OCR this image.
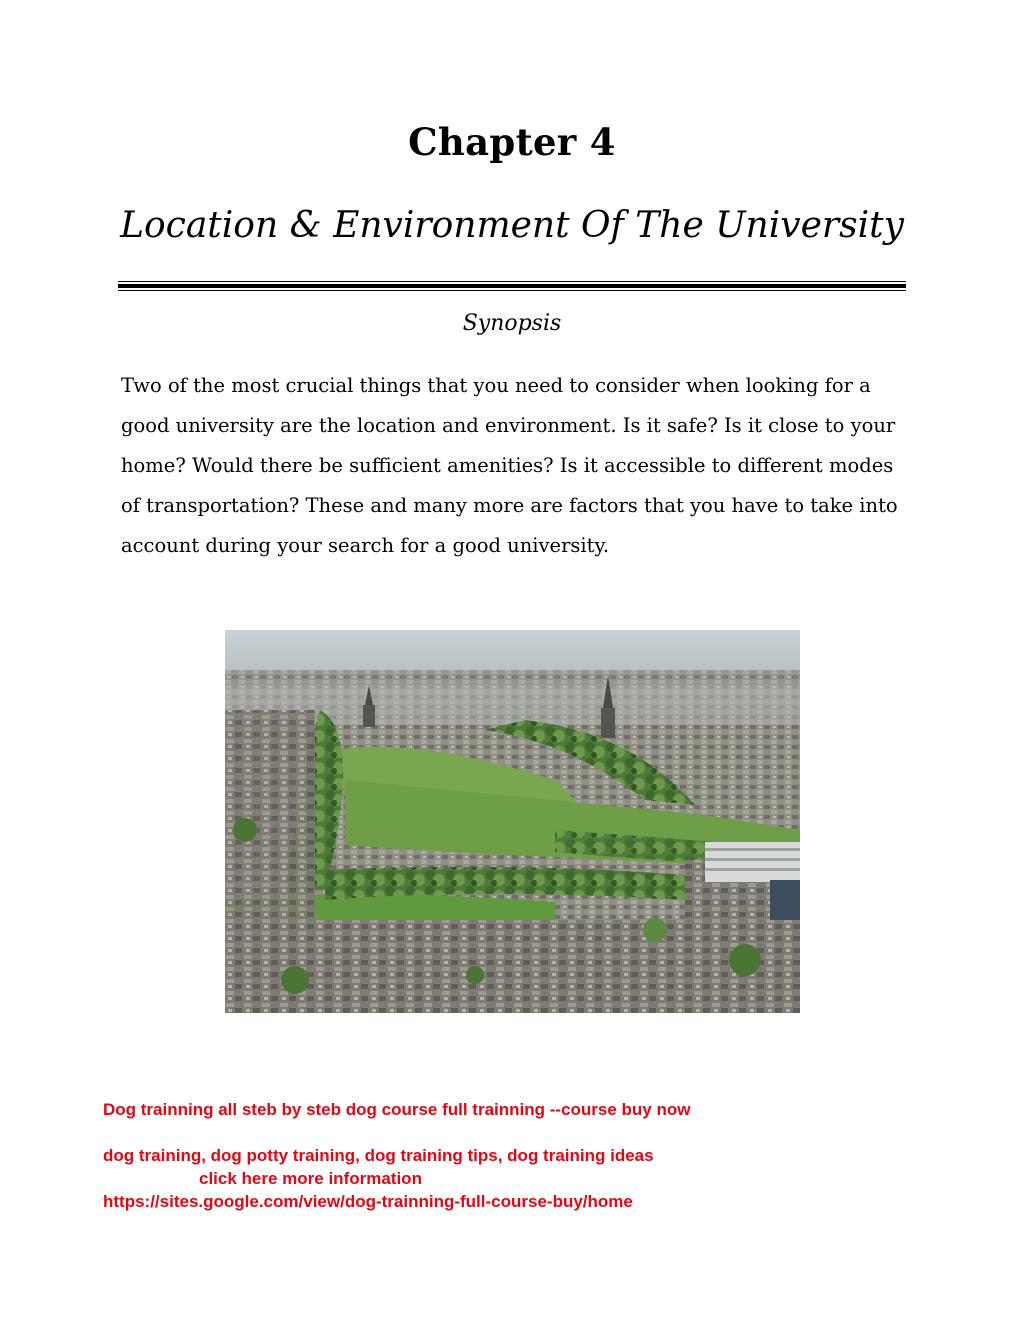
Chapter 4
Location & Environment Of The University
Synopsis

Two of the most crucial things that you need to consider when looking for a good university are the location and environment. Is it safe? Is it close to your home? Would there be sufficient amenities? Is it accessible to different modes of transportation? These and many more are factors that you have to take into account during your search for a good university.

Dog trainning all steb by steb dog course full trainning --course buy now
dog training, dog potty training, dog training tips, dog training ideas
click here more information
https://sites.google.com/view/dog-trainning-full-course-buy/home
